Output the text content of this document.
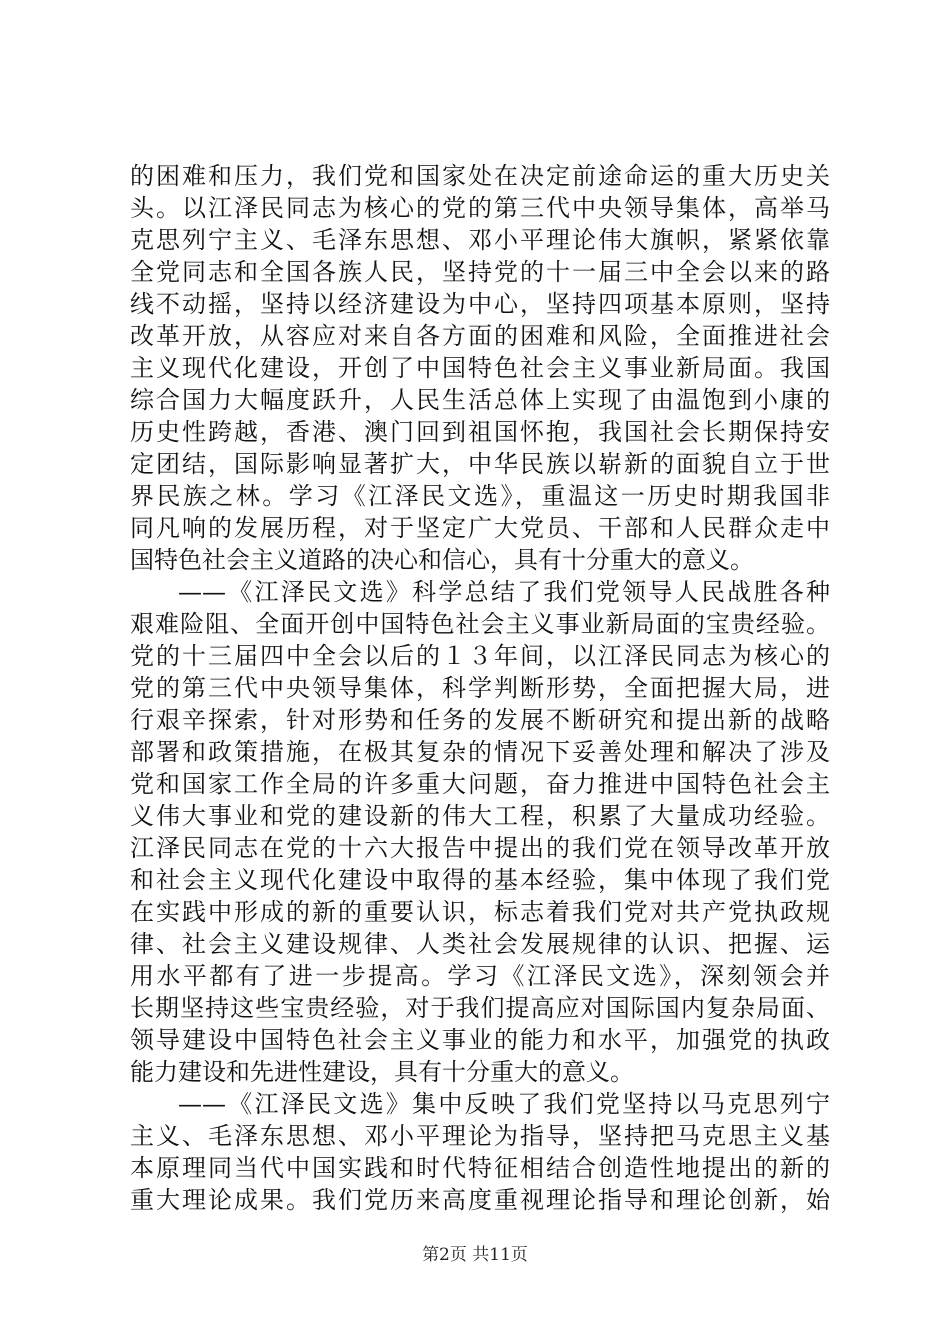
的困难和压力，我们党和国家处在决定前途命运的重大历史关
头。以江泽民同志为核心的党的第三代中央领导集体，高举马
克思列宁主义、毛泽东思想、邓小平理论伟大旗帜，紧紧依靠
全党同志和全国各族人民，坚持党的十一届三中全会以来的路
线不动摇，坚持以经济建设为中心，坚持四项基本原则，坚持
改革开放，从容应对来自各方面的困难和风险，全面推进社会
主义现代化建设，开创了中国特色社会主义事业新局面。我国
综合国力大幅度跃升，人民生活总体上实现了由温饱到小康的
历史性跨越，香港、澳门回到祖国怀抱，我国社会长期保持安
定团结，国际影响显著扩大，中华民族以崭新的面貌自立于世
界民族之林。学习《江泽民文选》，重温这一历史时期我国非
同凡响的发展历程，对于坚定广大党员、干部和人民群众走中
国特色社会主义道路的决心和信心，具有十分重大的意义。
——《江泽民文选》科学总结了我们党领导人民战胜各种
艰难险阻、全面开创中国特色社会主义事业新局面的宝贵经验。
党的十三届四中全会以后的１３年间，以江泽民同志为核心的
党的第三代中央领导集体，科学判断形势，全面把握大局，进
行艰辛探索，针对形势和任务的发展不断研究和提出新的战略
部署和政策措施，在极其复杂的情况下妥善处理和解决了涉及
党和国家工作全局的许多重大问题，奋力推进中国特色社会主
义伟大事业和党的建设新的伟大工程，积累了大量成功经验。
江泽民同志在党的十六大报告中提出的我们党在领导改革开放
和社会主义现代化建设中取得的基本经验，集中体现了我们党
在实践中形成的新的重要认识，标志着我们党对共产党执政规
律、社会主义建设规律、人类社会发展规律的认识、把握、运
用水平都有了进一步提高。学习《江泽民文选》，深刻领会并
长期坚持这些宝贵经验，对于我们提高应对国际国内复杂局面、
领导建设中国特色社会主义事业的能力和水平，加强党的执政
能力建设和先进性建设，具有十分重大的意义。
——《江泽民文选》集中反映了我们党坚持以马克思列宁
主义、毛泽东思想、邓小平理论为指导，坚持把马克思主义基
本原理同当代中国实践和时代特征相结合创造性地提出的新的
重大理论成果。我们党历来高度重视理论指导和理论创新，始
第2页 共11页
